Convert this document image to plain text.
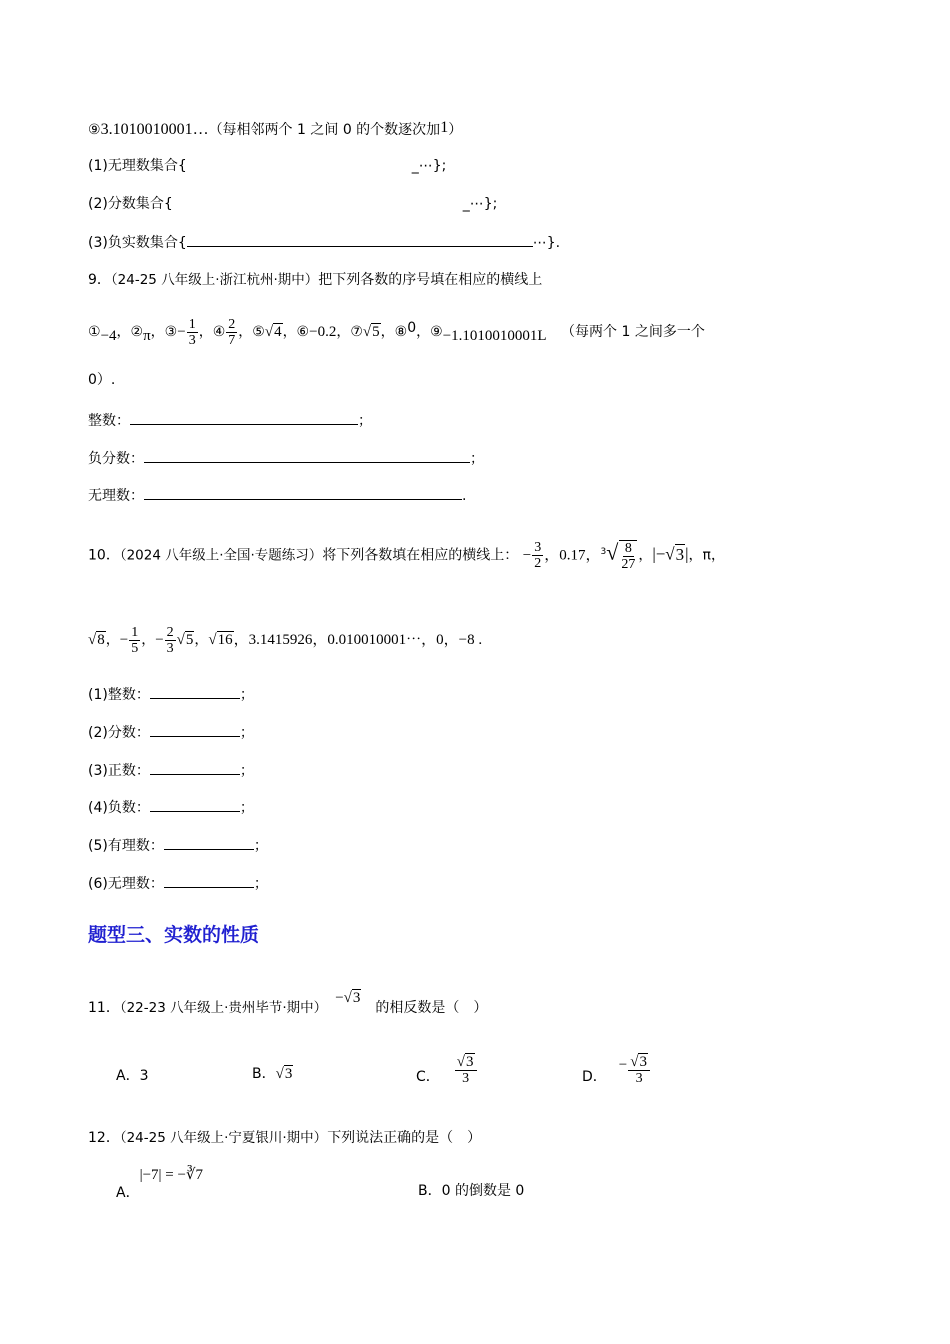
⑨3.1010010001…（每相邻两个 1 之间 0 的个数逐次加1）
(1)无理数集合{	_⋯};
(2)分数集合{	_⋯};
(3)负实数集合{	⋯}.
9．（24-25 八年级上·浙江杭州·期中）把下列各数的序号填在相应的横线上
①−4，②π，③− $\frac{1}{3}$ ，④ $\frac{2}{7}$ ，⑤√4，⑥−0.2，⑦√5，⑧0，⑨−1.1010010001L （每两个 1 之间多一个
0）.
整数：	；
负分数：	；
无理数：	.
10．（2024 八年级上·全国·专题练习）将下列各数填在相应的横线上： − $\frac{3}{2}$ ，0.17，$^3√ \frac{8}{27}$ ，|−√3|，π，
√8，− $\frac{1}{5}$ ，− $\frac{2}{3} √5$，√16，3.1415926，0.010010001⋯，0，−8 .
(1)整数：	；
(2)分数：	；
(3)正数：	；
(4)负数：	；
(5)有理数：	；
(6)无理数：	；
题型三、实数的性质
11．（22-23 八年级上·贵州毕节·期中）−√3的相反数是（　）
A．3	B．√3	C． $\frac{√3}{3}$	D．
− $\frac{√3}{3}$
12．（24-25 八年级上·宁夏银川·期中）下列说法正确的是（　）
A．|−7| = −∛7
B．0 的倒数是 0
